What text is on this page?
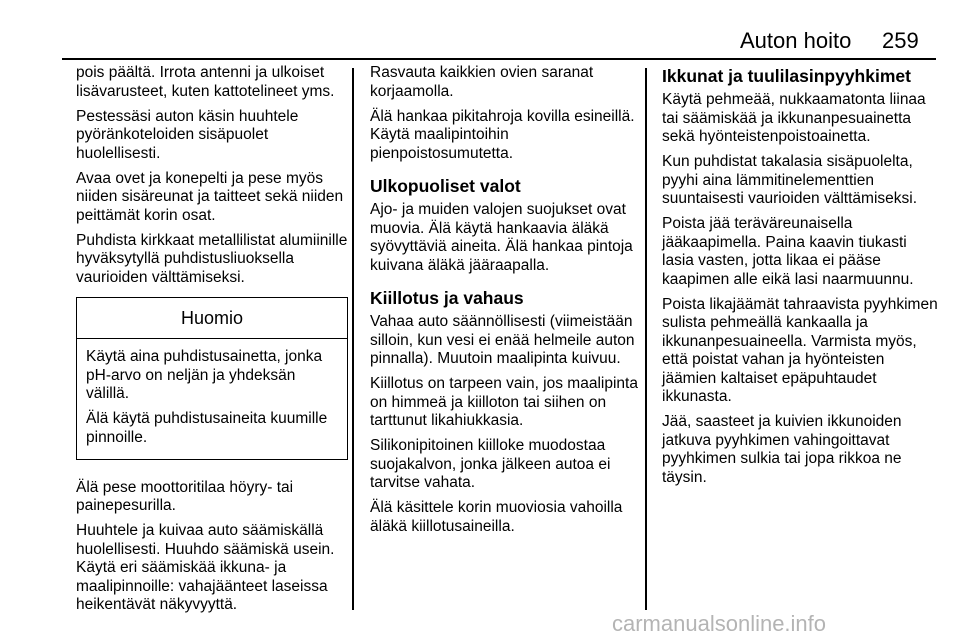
Auton hoito 259

pois päältä. Irrota antenni ja ulkoiset lisävarusteet, kuten kattotelineet yms.

Pestessäsi auton käsin huuhtele pyöränkoteloiden sisäpuolet huolellisesti.

Avaa ovet ja konepelti ja pese myös niiden sisäreunat ja taitteet sekä niiden peittämät korin osat.

Puhdista kirkkaat metallilistat alumiinille hyväksytyllä puhdistusliuoksella vaurioiden välttämiseksi.

Huomio

Käytä aina puhdistusainetta, jonka pH-arvo on neljän ja yhdeksän välillä.

Älä käytä puhdistusaineita kuumille pinnoille.

Älä pese moottoritilaa höyry- tai painepesurilla.

Huuhtele ja kuivaa auto säämiskällä huolellisesti. Huuhdo säämiskä usein. Käytä eri säämiskää ikkuna- ja maalipinnoille: vahajäänteet laseissa heikentävät näkyvyyttä.

Rasvauta kaikkien ovien saranat korjaamolla.

Älä hankaa pikitahroja kovilla esineillä. Käytä maalipintoihin pienpoistosumutetta.

Ulkopuoliset valot

Ajo- ja muiden valojen suojukset ovat muovia. Älä käytä hankaavia äläkä syövyttäviä aineita. Älä hankaa pintoja kuivana äläkä jääraapalla.

Kiillotus ja vahaus

Vahaa auto säännöllisesti (viimeistään silloin, kun vesi ei enää helmeile auton pinnalla). Muutoin maalipinta kuivuu.

Kiillotus on tarpeen vain, jos maalipinta on himmeä ja kiilloton tai siihen on tarttunut likahiukkasia.

Silikonipitoinen kiilloke muodostaa suojakalvon, jonka jälkeen autoa ei tarvitse vahata.

Älä käsittele korin muoviosia vahoilla äläkä kiillotusaineilla.

Ikkunat ja tuulilasinpyyhkimet

Käytä pehmeää, nukkaamatonta liinaa tai säämiskää ja ikkunanpesuainetta sekä hyönteistenpoistoainetta.

Kun puhdistat takalasia sisäpuolelta, pyyhi aina lämmitinelementtien suuntaisesti vaurioiden välttämiseksi.

Poista jää teräväreunaisella jääkaapimella. Paina kaavin tiukasti lasia vasten, jotta likaa ei pääse kaapimen alle eikä lasi naarmuunnu.

Poista likajäämät tahraavista pyyhkimen sulista pehmeällä kankaalla ja ikkunanpesuaineella. Varmista myös, että poistat vahan ja hyönteisten jäämien kaltaiset epäpuhtaudet ikkunasta.

Jää, saasteet ja kuivien ikkunoiden jatkuva pyyhkimen vahingoittavat pyyhkimen sulkia tai jopa rikkoa ne täysin.

carmanualsonline.info
